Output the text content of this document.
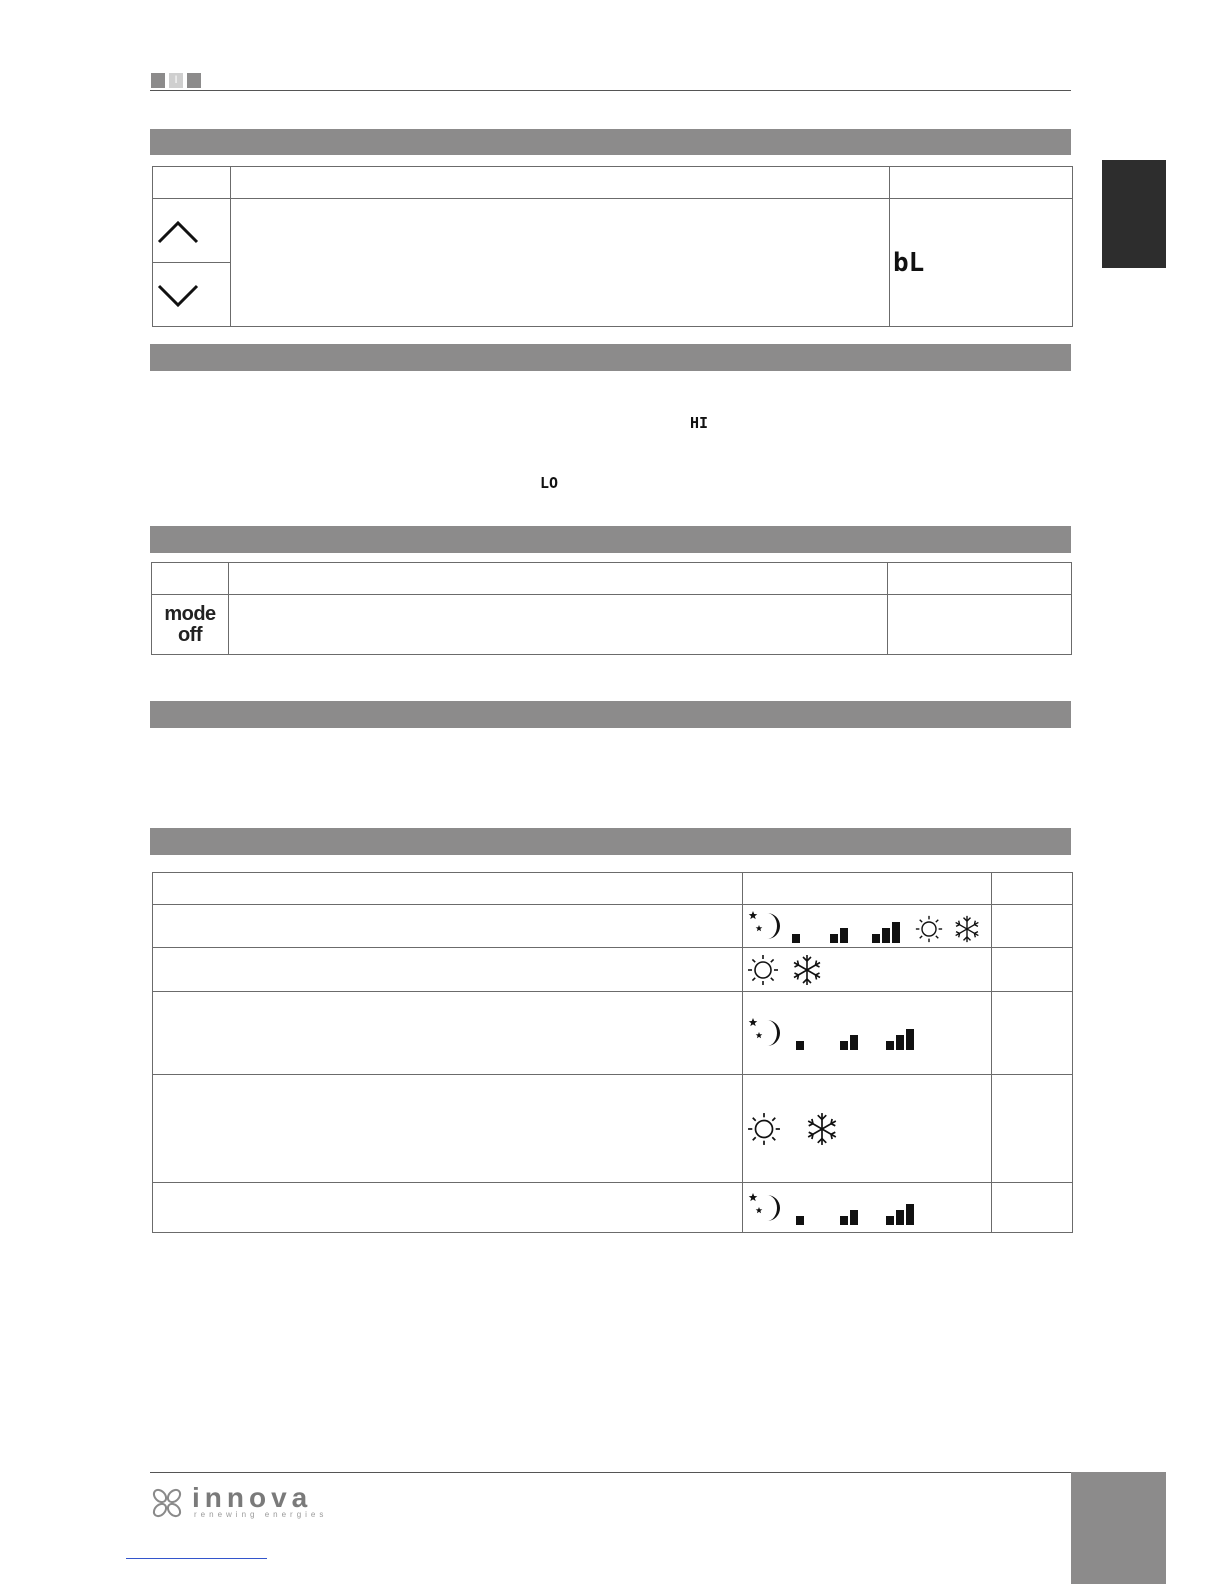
I

		bL

HI
LO

mode
off		

innova
renewing energies
